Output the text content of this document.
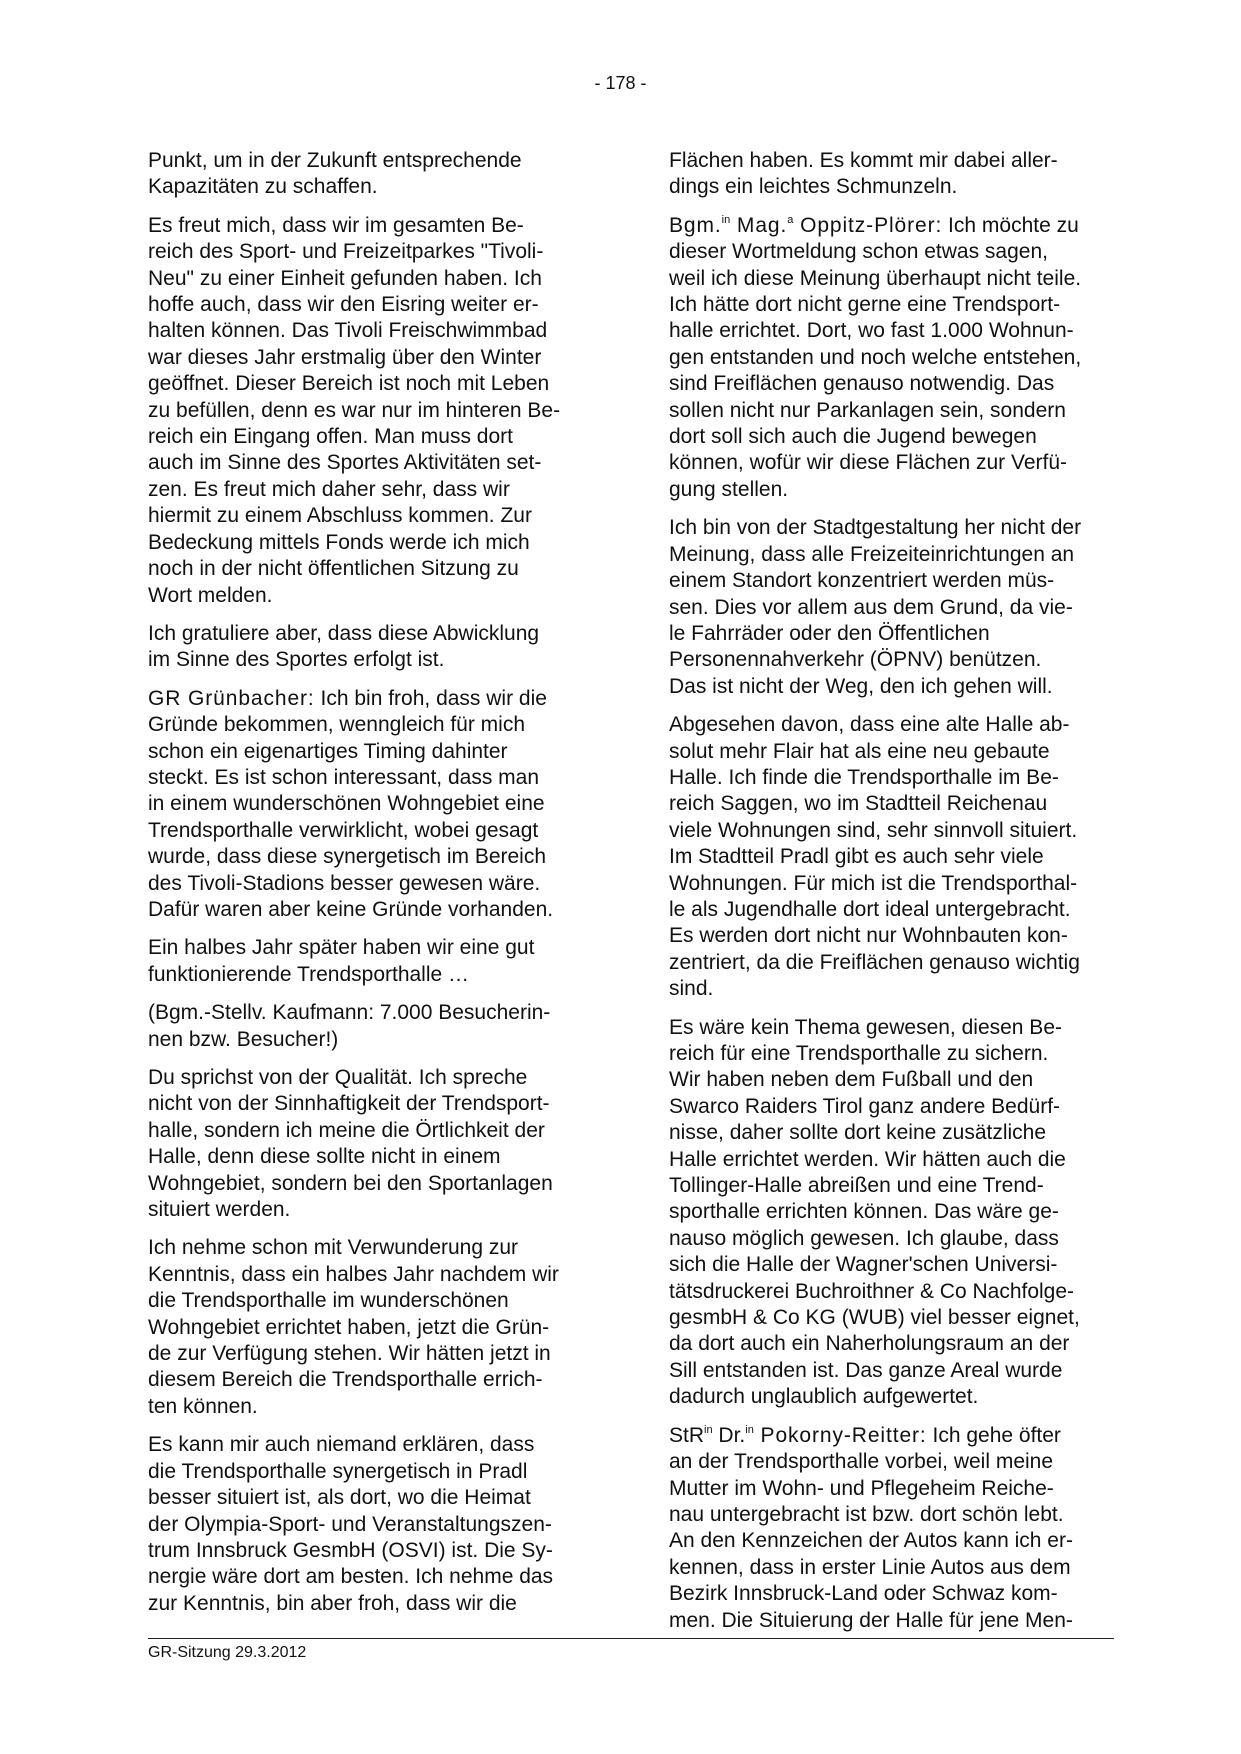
- 178 -

Punkt, um in der Zukunft entsprechende
Kapazitäten zu schaffen.

Es freut mich, dass wir im gesamten Be-
reich des Sport- und Freizeitparkes "Tivoli-
Neu" zu einer Einheit gefunden haben. Ich
hoffe auch, dass wir den Eisring weiter er-
halten können. Das Tivoli Freischwimmbad
war dieses Jahr erstmalig über den Winter
geöffnet. Dieser Bereich ist noch mit Leben
zu befüllen, denn es war nur im hinteren Be-
reich ein Eingang offen. Man muss dort
auch im Sinne des Sportes Aktivitäten set-
zen. Es freut mich daher sehr, dass wir
hiermit zu einem Abschluss kommen. Zur
Bedeckung mittels Fonds werde ich mich
noch in der nicht öffentlichen Sitzung zu
Wort melden.

Ich gratuliere aber, dass diese Abwicklung
im Sinne des Sportes erfolgt ist.

GR Grünbacher: Ich bin froh, dass wir die
Gründe bekommen, wenngleich für mich
schon ein eigenartiges Timing dahinter
steckt. Es ist schon interessant, dass man
in einem wunderschönen Wohngebiet eine
Trendsporthalle verwirklicht, wobei gesagt
wurde, dass diese synergetisch im Bereich
des Tivoli-Stadions besser gewesen wäre.
Dafür waren aber keine Gründe vorhanden.

Ein halbes Jahr später haben wir eine gut
funktionierende Trendsporthalle …

(Bgm.-Stellv. Kaufmann: 7.000 Besucherin-
nen bzw. Besucher!)

Du sprichst von der Qualität. Ich spreche
nicht von der Sinnhaftigkeit der Trendsport-
halle, sondern ich meine die Örtlichkeit der
Halle, denn diese sollte nicht in einem
Wohngebiet, sondern bei den Sportanlagen
situiert werden.

Ich nehme schon mit Verwunderung zur
Kenntnis, dass ein halbes Jahr nachdem wir
die Trendsporthalle im wunderschönen
Wohngebiet errichtet haben, jetzt die Grün-
de zur Verfügung stehen. Wir hätten jetzt in
diesem Bereich die Trendsporthalle errich-
ten können.

Es kann mir auch niemand erklären, dass
die Trendsporthalle synergetisch in Pradl
besser situiert ist, als dort, wo die Heimat
der Olympia-Sport- und Veranstaltungszen-
trum Innsbruck GesmbH (OSVI) ist. Die Sy-
nergie wäre dort am besten. Ich nehme das
zur Kenntnis, bin aber froh, dass wir die

Flächen haben. Es kommt mir dabei aller-
dings ein leichtes Schmunzeln.

Bgm.$^{in}$ Mag.$^a$ Oppitz-Plörer: Ich möchte zu
dieser Wortmeldung schon etwas sagen,
weil ich diese Meinung überhaupt nicht teile.
Ich hätte dort nicht gerne eine Trendsport-
halle errichtet. Dort, wo fast 1.000 Wohnun-
gen entstanden und noch welche entstehen,
sind Freiflächen genauso notwendig. Das
sollen nicht nur Parkanlagen sein, sondern
dort soll sich auch die Jugend bewegen
können, wofür wir diese Flächen zur Verfü-
gung stellen.

Ich bin von der Stadtgestaltung her nicht der
Meinung, dass alle Freizeiteinrichtungen an
einem Standort konzentriert werden müs-
sen. Dies vor allem aus dem Grund, da vie-
le Fahrräder oder den Öffentlichen
Personennahverkehr (ÖPNV) benützen.
Das ist nicht der Weg, den ich gehen will.

Abgesehen davon, dass eine alte Halle ab-
solut mehr Flair hat als eine neu gebaute
Halle. Ich finde die Trendsporthalle im Be-
reich Saggen, wo im Stadtteil Reichenau
viele Wohnungen sind, sehr sinnvoll situiert.
Im Stadtteil Pradl gibt es auch sehr viele
Wohnungen. Für mich ist die Trendsporthal-
le als Jugendhalle dort ideal untergebracht.
Es werden dort nicht nur Wohnbauten kon-
zentriert, da die Freiflächen genauso wichtig
sind.

Es wäre kein Thema gewesen, diesen Be-
reich für eine Trendsporthalle zu sichern.
Wir haben neben dem Fußball und den
Swarco Raiders Tirol ganz andere Bedürf-
nisse, daher sollte dort keine zusätzliche
Halle errichtet werden. Wir hätten auch die
Tollinger-Halle abreißen und eine Trend-
sporthalle errichten können. Das wäre ge-
nauso möglich gewesen. Ich glaube, dass
sich die Halle der Wagner'schen Universi-
tätsdruckerei Buchroithner & Co Nachfolge-
gesmbH & Co KG (WUB) viel besser eignet,
da dort auch ein Naherholungsraum an der
Sill entstanden ist. Das ganze Areal wurde
dadurch unglaublich aufgewertet.

StR$^{in}$ Dr.$^{in}$ Pokorny-Reitter: Ich gehe öfter
an der Trendsporthalle vorbei, weil meine
Mutter im Wohn- und Pflegeheim Reiche-
nau untergebracht ist bzw. dort schön lebt.
An den Kennzeichen der Autos kann ich er-
kennen, dass in erster Linie Autos aus dem
Bezirk Innsbruck-Land oder Schwaz kom-
men. Die Situierung der Halle für jene Men-

GR-Sitzung 29.3.2012
